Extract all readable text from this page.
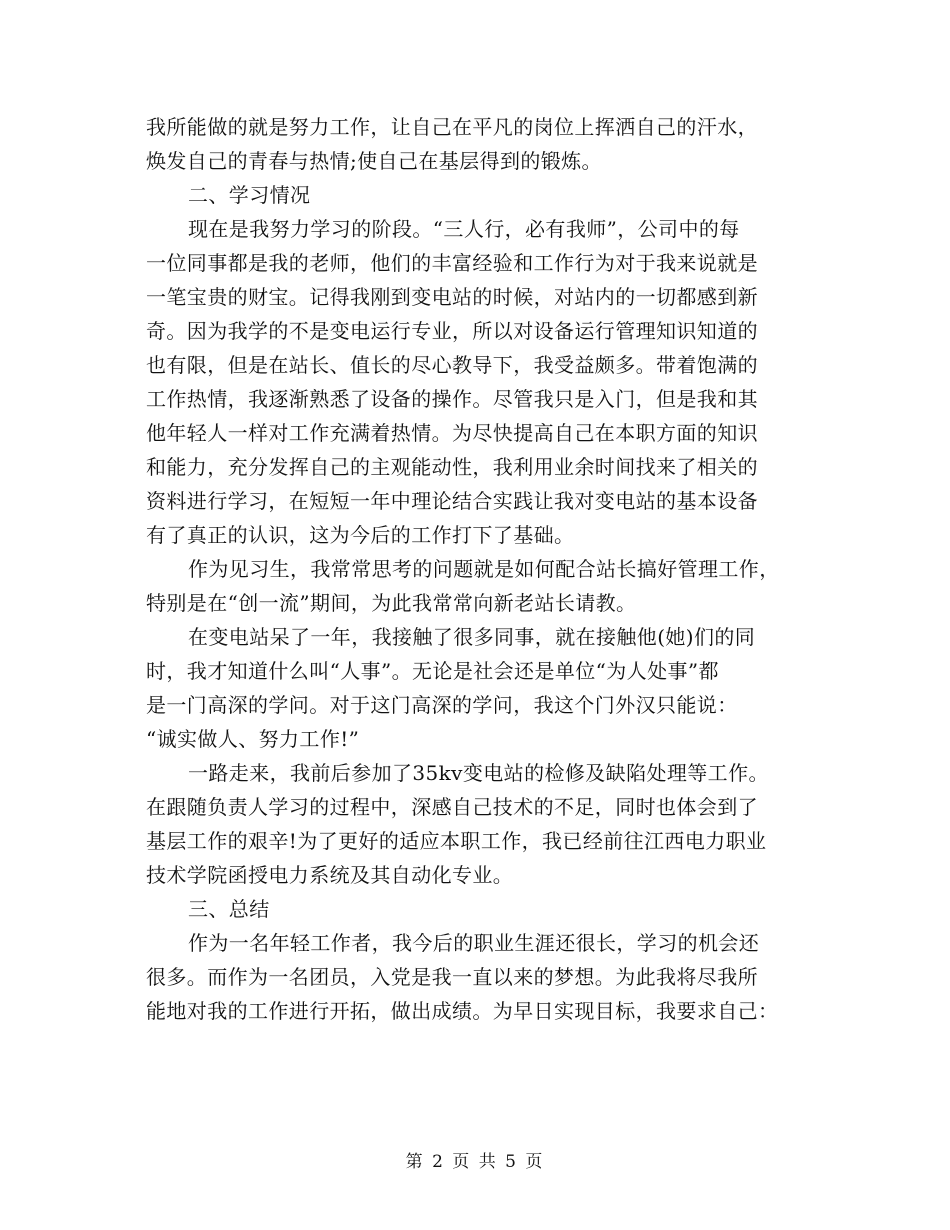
我所能做的就是努力工作，让自己在平凡的岗位上挥洒自己的汗水，
焕发自己的青春与热情;使自己在基层得到的锻炼。
二、学习情况
现在是我努力学习的阶段。“三人行，必有我师”，公司中的每
一位同事都是我的老师，他们的丰富经验和工作行为对于我来说就是
一笔宝贵的财宝。记得我刚到变电站的时候，对站内的一切都感到新
奇。因为我学的不是变电运行专业，所以对设备运行管理知识知道的
也有限，但是在站长、值长的尽心教导下，我受益颇多。带着饱满的
工作热情，我逐渐熟悉了设备的操作。尽管我只是入门，但是我和其
他年轻人一样对工作充满着热情。为尽快提高自己在本职方面的知识
和能力，充分发挥自己的主观能动性，我利用业余时间找来了相关的
资料进行学习，在短短一年中理论结合实践让我对变电站的基本设备
有了真正的认识，这为今后的工作打下了基础。
作为见习生，我常常思考的问题就是如何配合站长搞好管理工作，
特别是在“创一流”期间，为此我常常向新老站长请教。
在变电站呆了一年，我接触了很多同事，就在接触他(她)们的同
时，我才知道什么叫“人事”。无论是社会还是单位“为人处事”都
是一门高深的学问。对于这门高深的学问，我这个门外汉只能说：
“诚实做人、努力工作!”
一路走来，我前后参加了35kv变电站的检修及缺陷处理等工作。
在跟随负责人学习的过程中，深感自己技术的不足，同时也体会到了
基层工作的艰辛!为了更好的适应本职工作，我已经前往江西电力职业
技术学院函授电力系统及其自动化专业。
三、总结
作为一名年轻工作者，我今后的职业生涯还很长，学习的机会还
很多。而作为一名团员，入党是我一直以来的梦想。为此我将尽我所
能地对我的工作进行开拓，做出成绩。为早日实现目标，我要求自己：
第 2 页 共 5 页
